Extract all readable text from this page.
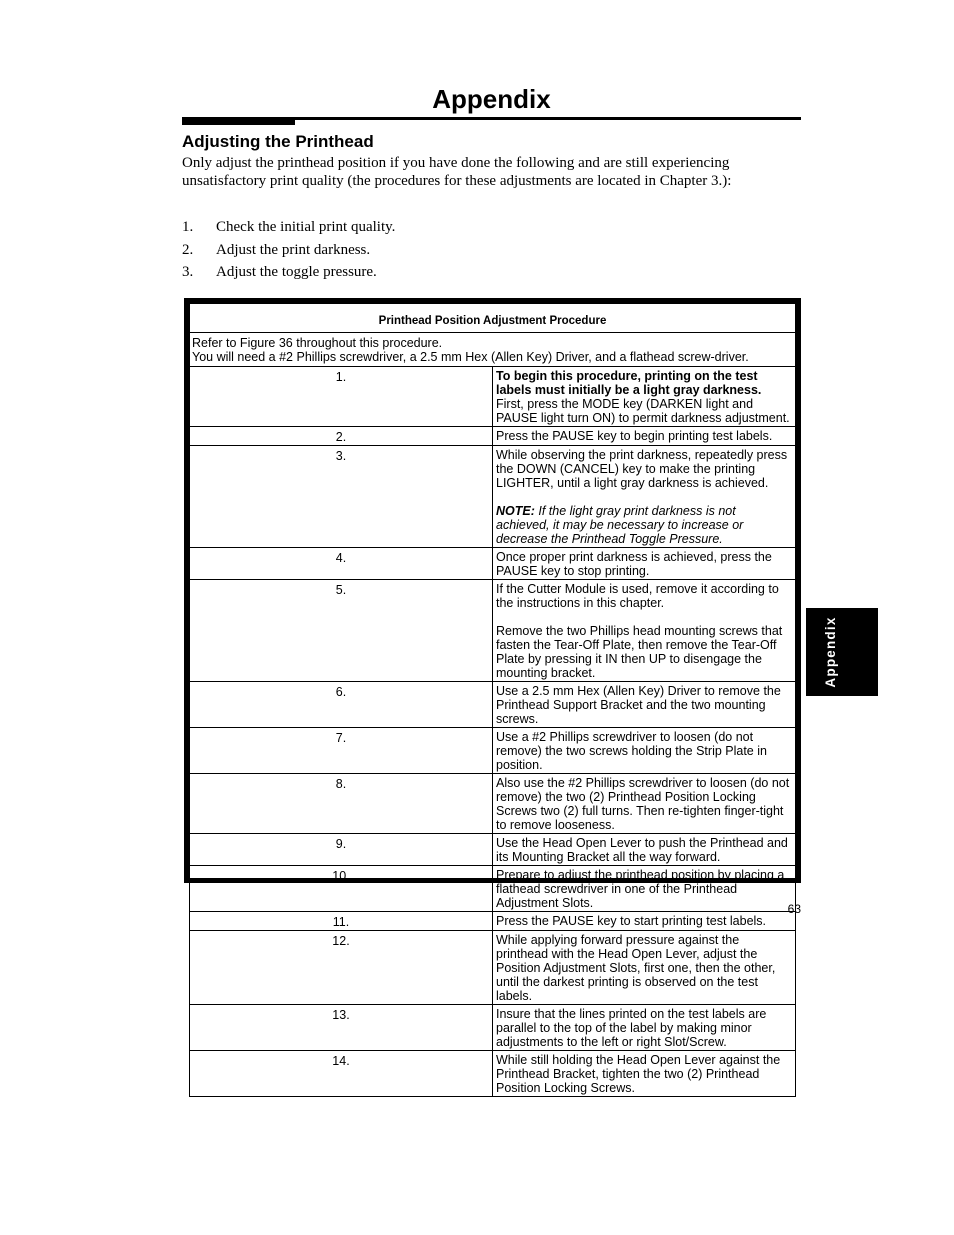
Appendix
Adjusting the Printhead

Only adjust the printhead position if you have done the following and are still experiencing unsatisfactory print quality (the procedures for these adjustments are located in Chapter 3.):

1.	Check the initial print quality.
2.	Adjust the print darkness.
3.	Adjust the toggle pressure.
Printhead Position Adjustment Procedure	

Refer to Figure 36 throughout this procedure.
You will need a #2 Phillips screwdriver, a 2.5 mm Hex (Allen Key) Driver, and a flathead screw-driver.	

1.	To begin this procedure, printing on the test labels must initially be a light gray darkness.
First, press the MODE key (DARKEN light and PAUSE light turn ON) to permit darkness adjustment.

2.	Press the PAUSE key to begin printing test labels.
3.	While observing the print darkness, repeatedly press the DOWN (CANCEL) key to make the printing LIGHTER, until a light gray darkness is achieved.
NOTE: If the light gray print darkness is not achieved, it may be necessary to increase or decrease the Printhead Toggle Pressure.

4.	Once proper print darkness is achieved, press the PAUSE key to stop printing.
5.	If the Cutter Module is used, remove it according to the instructions in this chapter.
Remove the two Phillips head mounting screws that fasten the Tear-Off Plate, then remove the Tear-Off Plate by pressing it IN then UP to disengage the mounting bracket.

6.	Use a 2.5 mm Hex (Allen Key) Driver to remove the Printhead Support Bracket and the two mounting screws.
7.	Use a #2 Phillips screwdriver to loosen (do not remove) the two screws holding the Strip Plate in position.
8.	Also use the #2 Phillips screwdriver to loosen (do not remove) the two (2) Printhead Position Locking Screws two (2) full turns. Then re-tighten finger-tight to remove looseness.
9.	Use the Head Open Lever to push the Printhead and its Mounting Bracket all the way forward.
10.	Prepare to adjust the printhead position by placing a flathead screwdriver in one of the Printhead Adjustment Slots.
11.	Press the PAUSE key to start printing test labels.
12.	While applying forward pressure against the printhead with the Head Open Lever, adjust the Position Adjustment Slots, first one, then the other, until the darkest printing is observed on the test labels.
13.	Insure that the lines printed on the test labels are parallel to the top of the label by making minor adjustments to the left or right Slot/Screw.
14.	While still holding the Head Open Lever against the Printhead Bracket, tighten the two (2) Printhead Position Locking Screws.
Appendix
63
